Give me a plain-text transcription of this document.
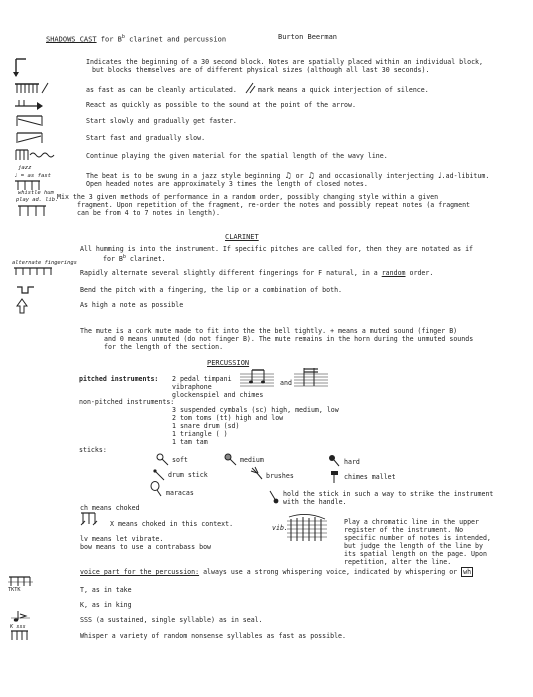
SHADOWS CAST for $B^b$ clarinet and percussion	Burton Beerman
Indicates the beginning of a 30 second block. Notes are spatially placed within an individual block,
but blocks themselves are of different physical sizes (although all last 30 seconds).
as fast as can be cleanly articulated.	mark means a quick interjection of silence.
React as quickly as possible to the sound at the point of the arrow.
Start slowly and gradually get faster.
Start fast and gradually slow.
Continue playing the given material for the spatial length of the wavy line.
jazz
♩ = as fast	The beat is to be swung in a jazz style beginning ♫ or ♫ and occasionally interjecting ♩.ad-libitum.
Open headed notes are approximately 3 times the length of closed notes.
whistle hum
play ad. lib.
Mix the 3 given methods of performance in a random order, possibly changing style within a given
fragment. Upon repetition of the fragment, re-order the notes and possibly repeat notes (a fragment
can be from 4 to 7 notes in length).
CLARINET
All humming is into the instrument. If specific pitches are called for, then they are notated as if
for $B^b$ clarinet.
alternate fingerings
Rapidly alternate several slightly different fingerings for F natural, in a random order.
Bend the pitch with a fingering, the lip or a combination of both.
As high a note as possible
The mute is a cork mute made to fit into the the bell tightly. + means a muted sound (finger B)
and 0 means unmuted (do not finger B). The mute remains in the horn during the unmuted sounds
for the length of the section.
PERCUSSION
pitched instruments: 2 pedal timpani
vibraphone
glockenspiel and chimes
and
non-pitched instruments:
3 suspended cymbals (sc) high, medium, low
2 tom toms (tt) high and low
1 snare drum (sd)
1 triangle ( )
1 tam tam
sticks:
soft	medium	hard
drum stick	brushes	chimes mallet
maracas	hold the stick in such a way to strike the instrument
with the handle.
ch means choked
X means choked in this context.
lv means let vibrate.
bow means to use a contrabass bow
vib.
Play a chromatic line in the upper
register of the instrument. No
specific number of notes is intended,
but judge the length of the line by
its spatial length on the page. Upon
repetition, alter the line.
voice part for the percussion: always use a strong whispering voice, indicated by whispering or wh
TKTK	T, as in take
K, as in king
K sss
SSS (a sustained, single syllable) as in seal.
Whisper a variety of random nonsense syllables as fast as possible.
